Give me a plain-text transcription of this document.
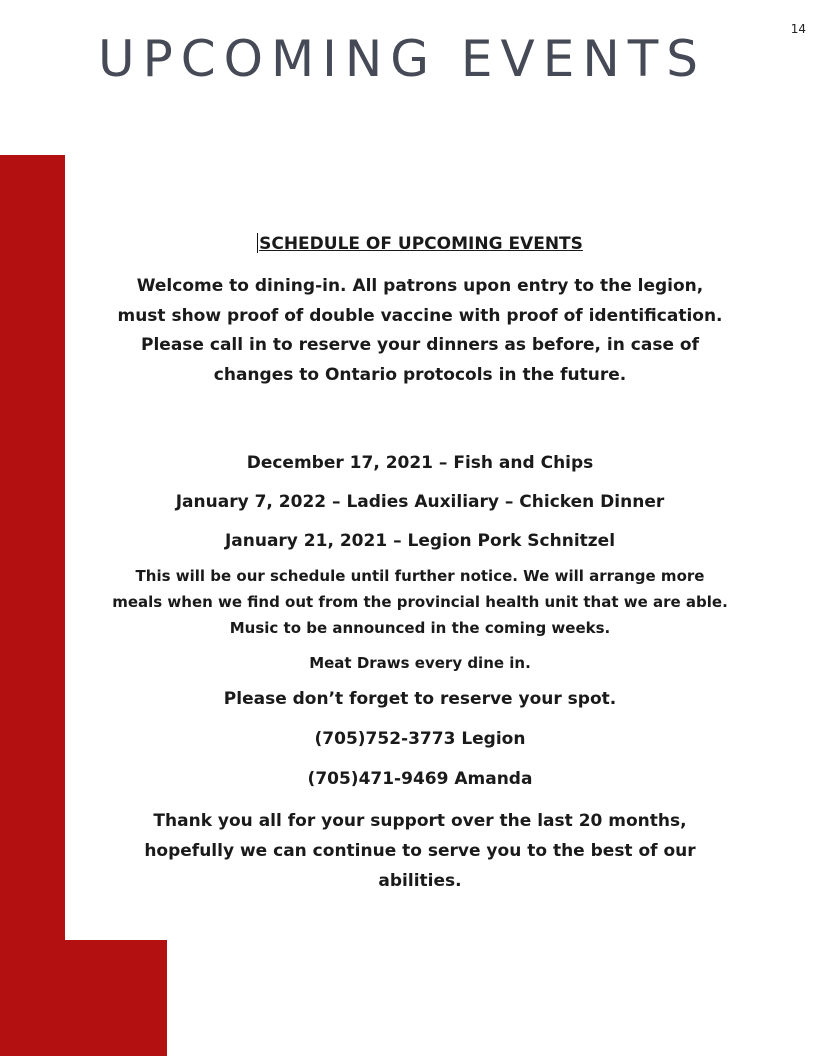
14
UPCOMING EVENTS

SCHEDULE OF UPCOMING EVENTS

Welcome to dining-in. All patrons upon entry to the legion, must show proof of double vaccine with proof of identification. Please call in to reserve your dinners as before, in case of changes to Ontario protocols in the future.

December 17, 2021 – Fish and Chips

January 7, 2022 – Ladies Auxiliary – Chicken Dinner

January 21, 2021 – Legion Pork Schnitzel

This will be our schedule until further notice. We will arrange more meals when we find out from the provincial health unit that we are able. Music to be announced in the coming weeks.

Meat Draws every dine in.

Please don’t forget to reserve your spot.

(705)752-3773 Legion

(705)471-9469 Amanda

Thank you all for your support over the last 20 months, hopefully we can continue to serve you to the best of our abilities.
